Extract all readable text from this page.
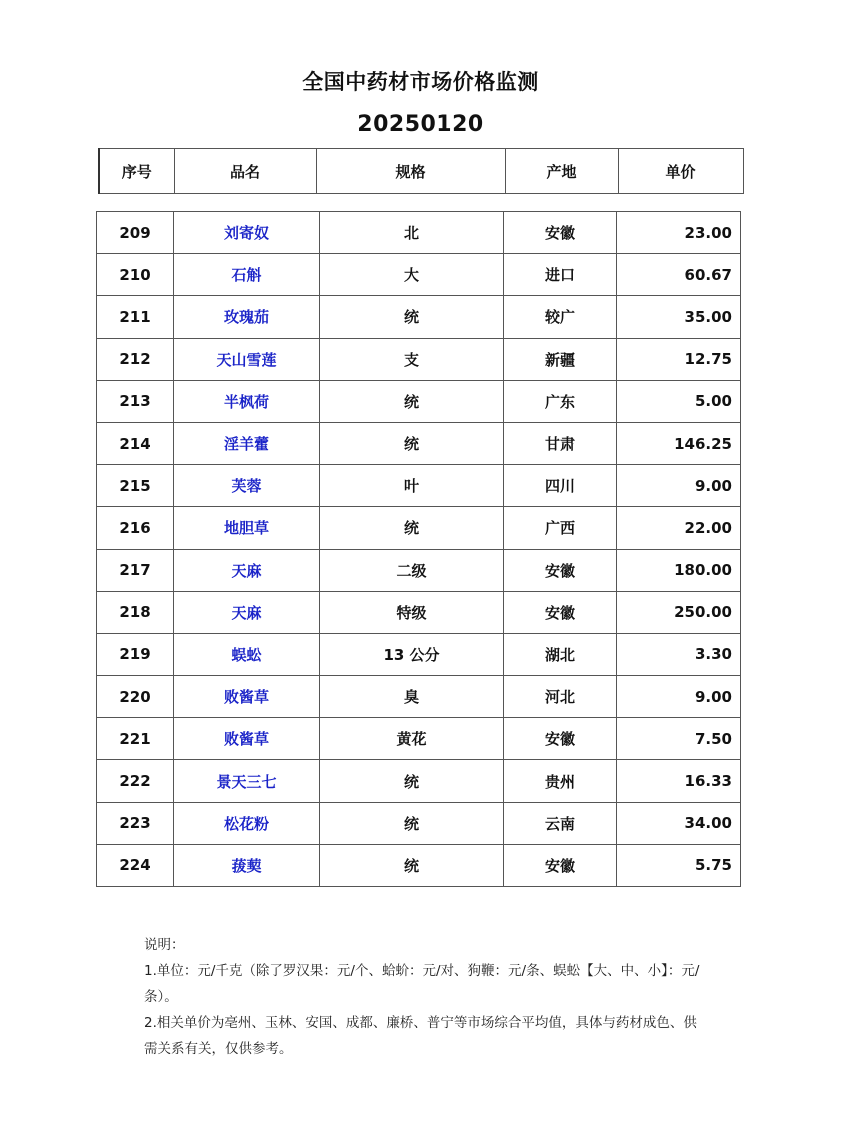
全国中药材市场价格监测
20250120
序号	品名	规格	产地	单价
209	刘寄奴	北	安徽	23.00
210	石斛	大	进口	60.67
211	玫瑰茄	统	较广	35.00
212	天山雪莲	支	新疆	12.75
213	半枫荷	统	广东	5.00
214	淫羊藿	统	甘肃	146.25
215	芙蓉	叶	四川	9.00
216	地胆草	统	广西	22.00
217	天麻	二级	安徽	180.00
218	天麻	特级	安徽	250.00
219	蜈蚣	13 公分	湖北	3.30
220	败酱草	臭	河北	9.00
221	败酱草	黄花	安徽	7.50
222	景天三七	统	贵州	16.33
223	松花粉	统	云南	34.00
224	菝葜	统	安徽	5.75

说明：

1.单位：元/千克（除了罗汉果：元/个、蛤蚧：元/对、狗鞭：元/条、蜈蚣【大、中、小】：元/条）。

2.相关单价为亳州、玉林、安国、成都、廉桥、普宁等市场综合平均值，具体与药材成色、供需关系有关，仅供参考。
